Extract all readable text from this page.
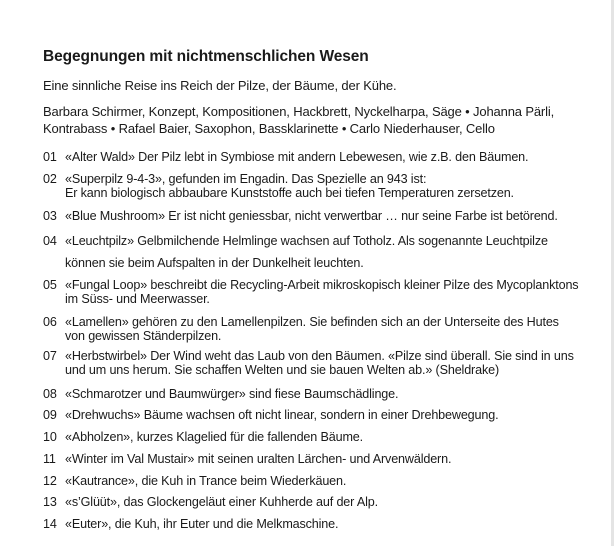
Begegnungen mit nichtmenschlichen Wesen
Eine sinnliche Reise ins Reich der Pilze, der Bäume, der Kühe.
Barbara Schirmer, Konzept, Kompositionen, Hackbrett, Nyckelharpa, Säge • Johanna Pärli,
Kontrabass • Rafael Baier, Saxophon, Bassklarinette • Carlo Niederhauser, Cello
01 «Alter Wald» Der Pilz lebt in Symbiose mit andern Lebewesen, wie z.B. den Bäumen.
02 «Superpilz 9-4-3», gefunden im Engadin. Das Spezielle an 943 ist:
Er kann biologisch abbaubare Kunststoffe auch bei tiefen Temperaturen zersetzen.
03 «Blue Mushroom» Er ist nicht geniessbar, nicht verwertbar … nur seine Farbe ist betörend.
04 «Leuchtpilz» Gelbmilchende Helmlinge wachsen auf Totholz. Als sogenannte Leuchtpilze
können sie beim Aufspalten in der Dunkelheit leuchten.
05 «Fungal Loop» beschreibt die Recycling-Arbeit mikroskopisch kleiner Pilze des Mycoplanktons
im Süss- und Meerwasser.
06 «Lamellen» gehören zu den Lamellenpilzen. Sie befinden sich an der Unterseite des Hutes
von gewissen Ständerpilzen.
07 «Herbstwirbel» Der Wind weht das Laub von den Bäumen. «Pilze sind überall. Sie sind in uns
und um uns herum. Sie schaffen Welten und sie bauen Welten ab.» (Sheldrake)
08 «Schmarotzer und Baumwürger» sind fiese Baumschädlinge.
09 «Drehwuchs» Bäume wachsen oft nicht linear, sondern in einer Drehbewegung.
10 «Abholzen», kurzes Klagelied für die fallenden Bäume.
11 «Winter im Val Mustair» mit seinen uralten Lärchen- und Arvenwäldern.
12 «Kautrance», die Kuh in Trance beim Wiederkäuen.
13 «s’Glüüt», das Glockengeläut einer Kuhherde auf der Alp.
14 «Euter», die Kuh, ihr Euter und die Melkmaschine.
